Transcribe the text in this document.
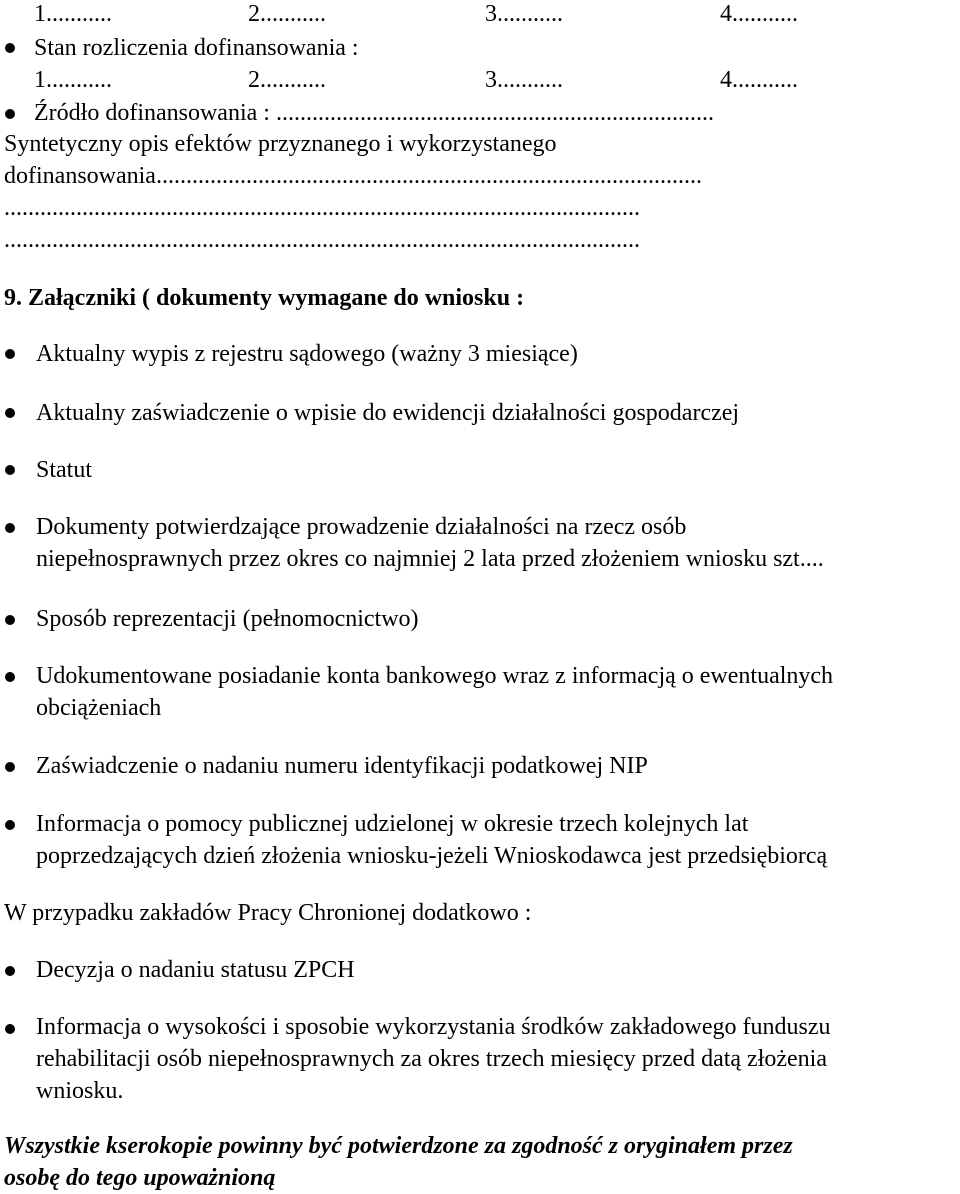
1...........	2...........	3...........	4...........
Stan rozliczenia dofinansowania :
1...........	2...........	3...........	4...........
Źródło dofinansowania : .........................................................................
Syntetyczny opis efektów przyznanego i wykorzystanego
dofinansowania...........................................................................................
..........................................................................................................
..........................................................................................................
9. Załączniki ( dokumenty wymagane do wniosku :
Aktualny wypis z rejestru sądowego (ważny 3 miesiące)
Aktualny zaświadczenie o wpisie do ewidencji działalności gospodarczej
Statut
Dokumenty potwierdzające prowadzenie działalności na rzecz osób
niepełnosprawnych przez okres co najmniej 2 lata przed złożeniem wniosku szt....
Sposób reprezentacji (pełnomocnictwo)
Udokumentowane posiadanie konta bankowego wraz z informacją o ewentualnych
obciążeniach
Zaświadczenie o nadaniu numeru identyfikacji podatkowej NIP
Informacja o pomocy publicznej udzielonej w okresie trzech kolejnych lat
poprzedzających dzień złożenia wniosku-jeżeli Wnioskodawca jest przedsiębiorcą
W przypadku zakładów Pracy Chronionej dodatkowo :
Decyzja o nadaniu statusu ZPCH
Informacja o wysokości i sposobie wykorzystania środków zakładowego funduszu
rehabilitacji osób niepełnosprawnych za okres trzech miesięcy przed datą złożenia
wniosku.
Wszystkie kserokopie powinny być potwierdzone za zgodność z oryginałem przez
osobę do tego upoważnioną
